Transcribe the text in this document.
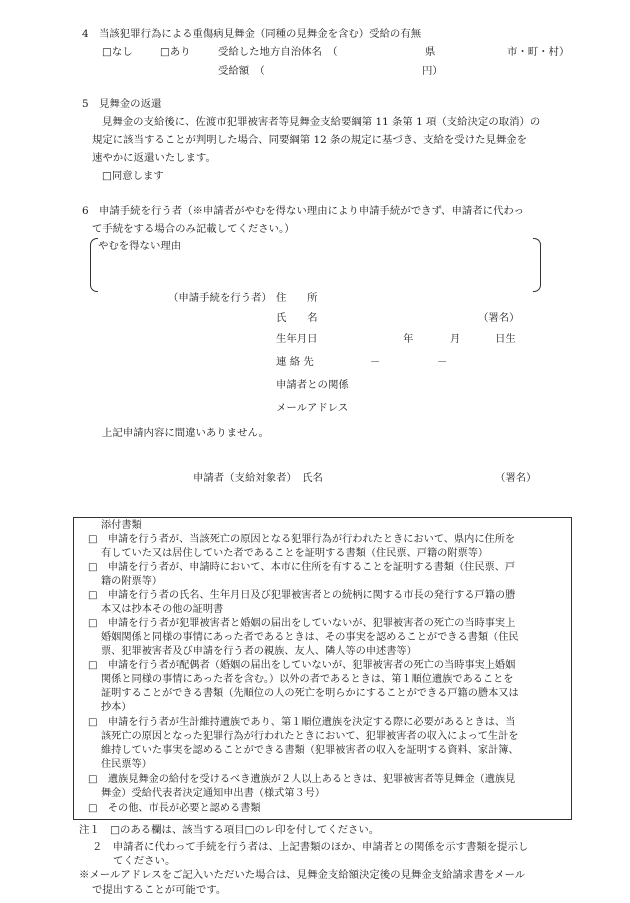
4　当該犯罪行為による重傷病見舞金（同種の見舞金を含む）受給の有無
□なし	□あり	受給した地方自治体名　（	県	市・町・村）
受給額　（	円）
5　見舞金の返還
見舞金の支給後に、佐渡市犯罪被害者等見舞金支給要綱第 11 条第 1 項（支給決定の取消）の
規定に該当することが判明した場合、同要綱第 12 条の規定に基づき、支給を受けた見舞金を
速やかに返還いたします。
□同意します
6　申請手続を行う者（※申請者がやむを得ない理由により申請手続ができず、申請者に代わっ
て手続をする場合のみ記載してください。）
やむを得ない理由
（申請手続を行う者） 住　　所
氏　　名	（署名）
生年月日	年	月	日生
連 絡 先	－	－
申請者との関係
メールアドレス
上記申請内容に間違いありません。
申請者（支給対象者）　氏名	（署名）
添付書類
□　申請を行う者が、当該死亡の原因となる犯罪行為が行われたときにおいて、県内に住所を
有していた又は居住していた者であることを証明する書類（住民票、戸籍の附票等）
□　申請を行う者が、申請時において、本市に住所を有することを証明する書類（住民票、戸
籍の附票等）
□　申請を行う者の氏名、生年月日及び犯罪被害者との続柄に関する市長の発行する戸籍の謄
本又は抄本その他の証明書
□　申請を行う者が犯罪被害者と婚姻の届出をしていないが、犯罪被害者の死亡の当時事実上
婚姻関係と同様の事情にあった者であるときは、その事実を認めることができる書類（住民
票、犯罪被害者及び申請を行う者の親族、友人、隣人等の申述書等）
□　申請を行う者が配偶者（婚姻の届出をしていないが、犯罪被害者の死亡の当時事実上婚姻
関係と同様の事情にあった者を含む。）以外の者であるときは、第１順位遺族であることを
証明することができる書類（先順位の人の死亡を明らかにすることができる戸籍の謄本又は
抄本）
□　申請を行う者が生計維持遺族であり、第１順位遺族を決定する際に必要があるときは、当
該死亡の原因となった犯罪行為が行われたときにおいて、犯罪被害者の収入によって生計を
維持していた事実を認めることができる書類（犯罪被害者の収入を証明する資料、家計簿、
住民票等）
□　遺族見舞金の給付を受けるべき遺族が２人以上あるときは、犯罪被害者等見舞金（遺族見
舞金）受給代表者決定通知申出書（様式第３号）
□　その他、市長が必要と認める書類
注１　□のある欄は、該当する項目□のレ印を付してください。
２　申請者に代わって手続を行う者は、上記書類のほか、申請者との関係を示す書類を提示し
てください。
※メールアドレスをご記入いただいた場合は、見舞金支給額決定後の見舞金支給請求書をメール
で提出することが可能です。
